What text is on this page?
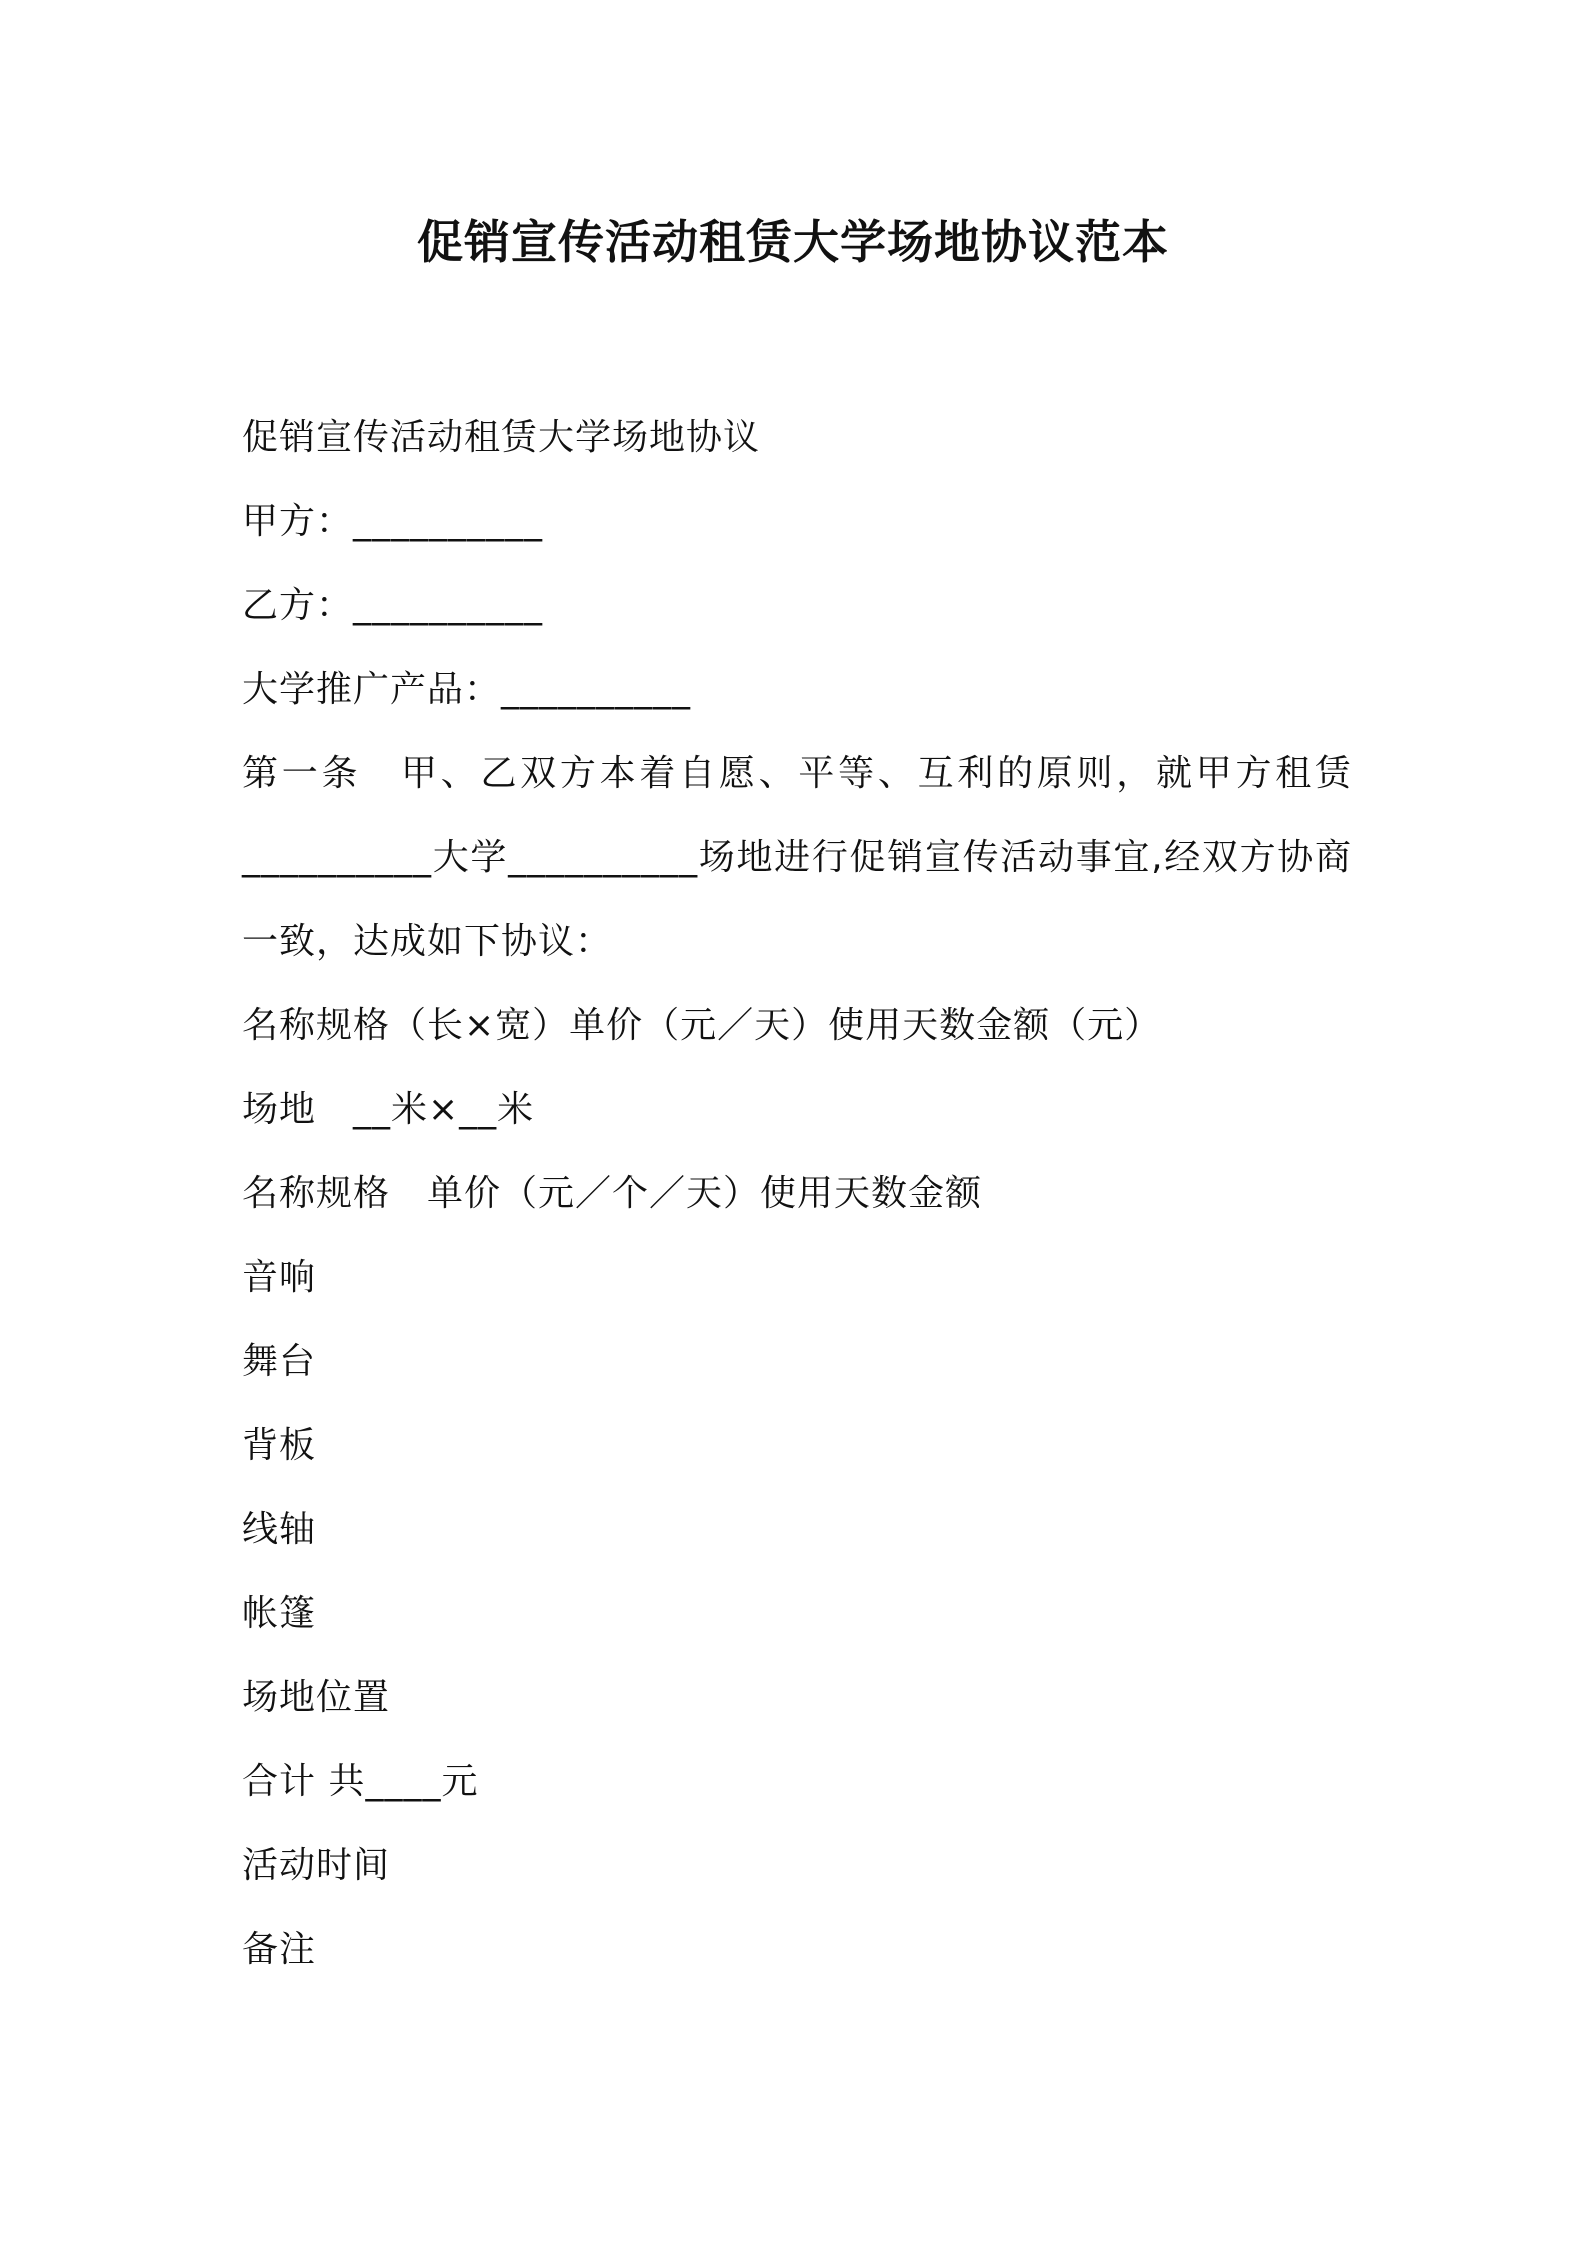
促销宣传活动租赁大学场地协议范本
促销宣传活动租赁大学场地协议
甲方：__________
乙方：__________
大学推广产品：__________
第一条　甲、乙双方本着自愿、平等、互利的原则，就甲方租赁
__________大学__________场地进行促销宣传活动事宜,经双方协商
一致，达成如下协议：
名称规格（长×宽）单价（元／天）使用天数金额（元）
场地　__米×__米
名称规格　单价（元／个／天）使用天数金额
音响
舞台
背板
线轴
帐篷
场地位置
合计 共____元
活动时间
备注
